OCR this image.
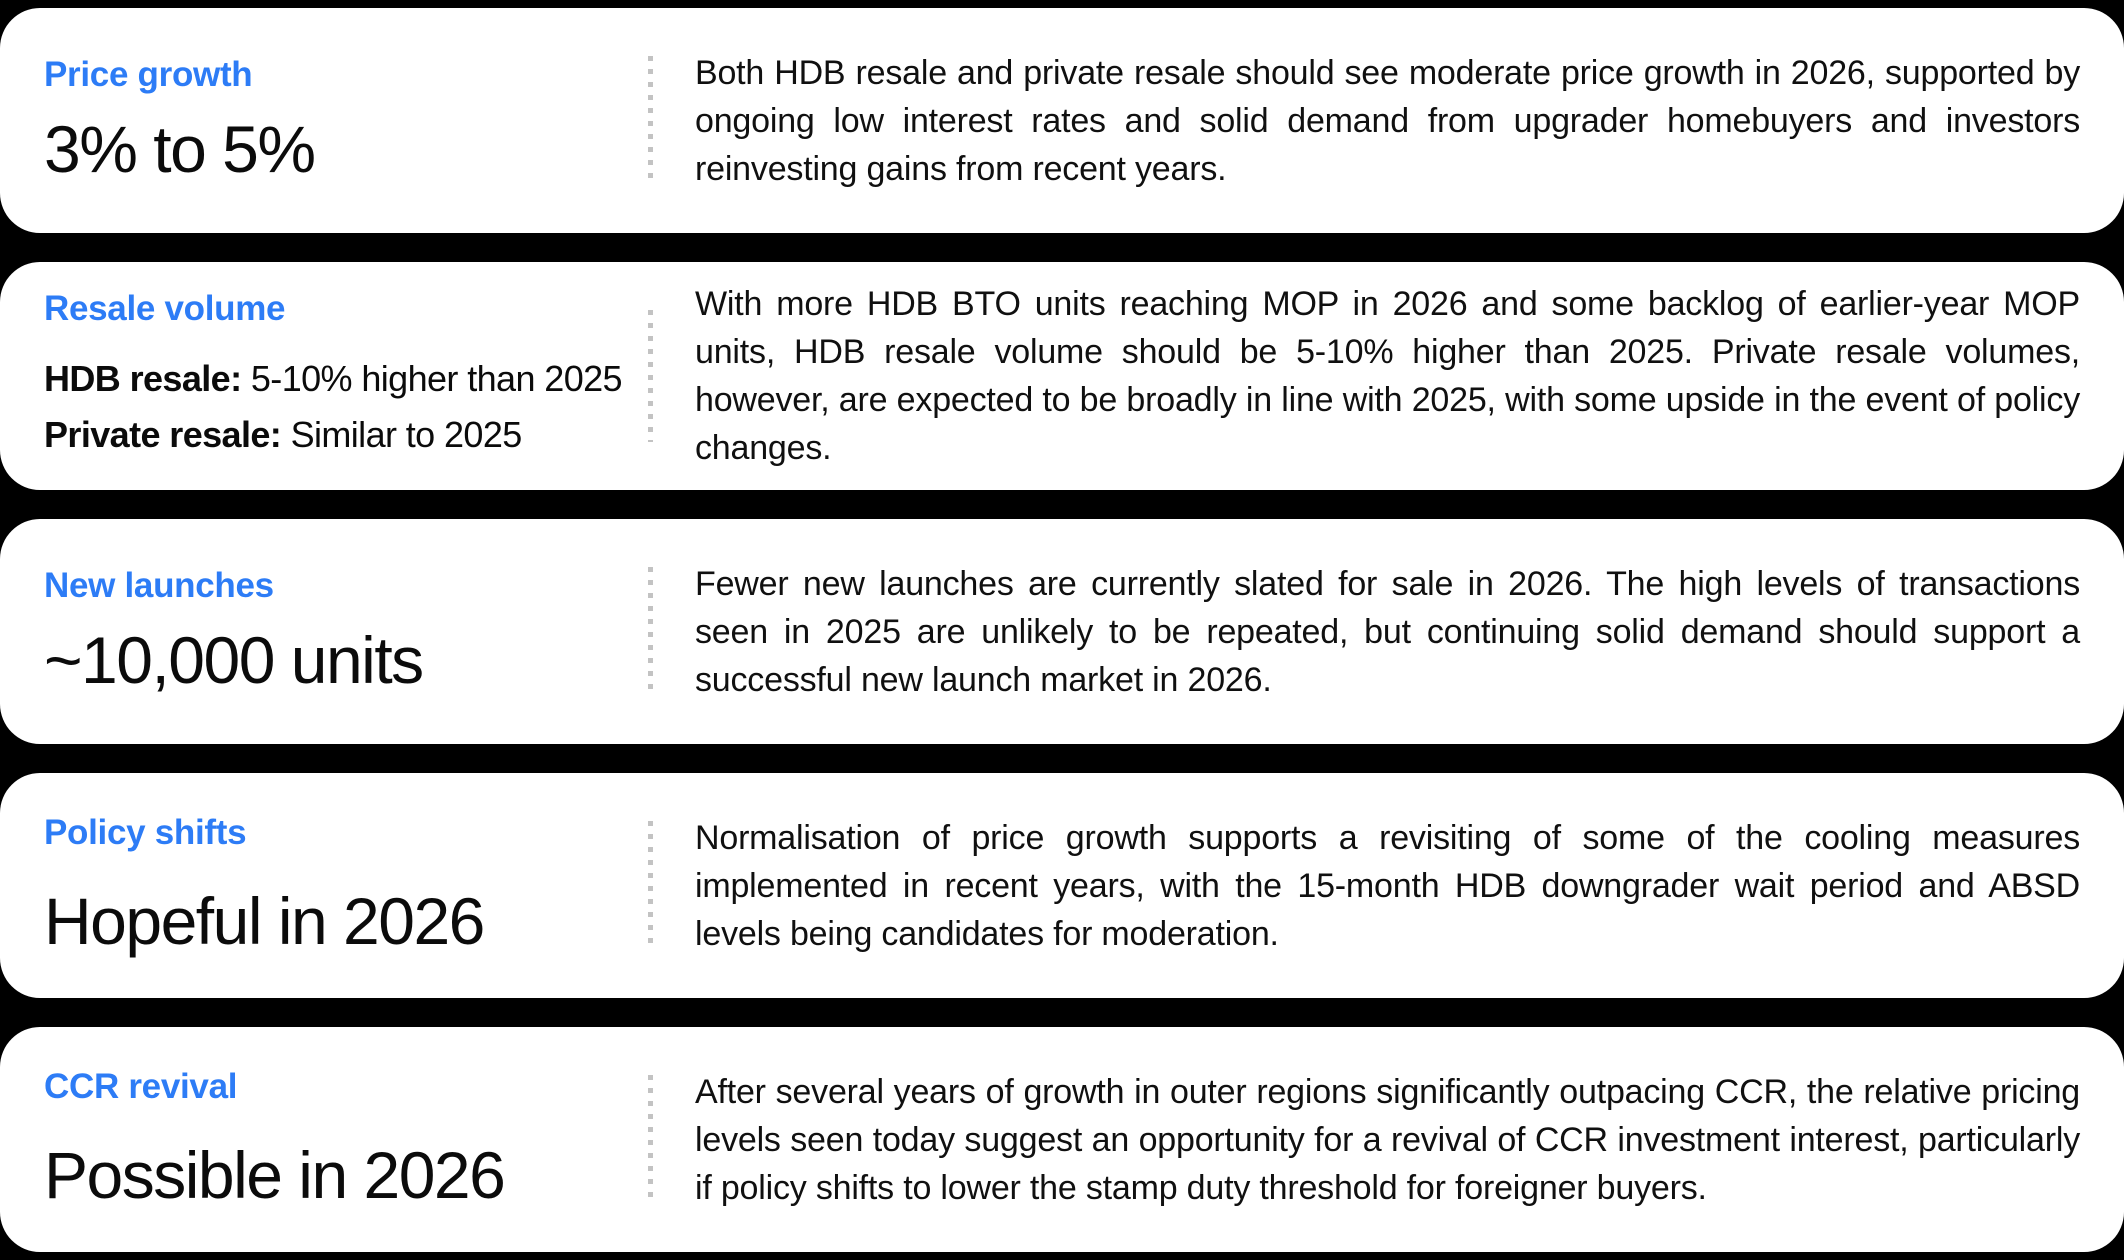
Price growth
3% to 5%

Both HDB resale and private resale should see moderate price growth in 2026, supported by ongoing low interest rates and solid demand from upgrader homebuyers and investors reinvesting gains from recent years.

Resale volume
HDB resale: 5-10% higher than 2025
Private resale: Similar to 2025

With more HDB BTO units reaching MOP in 2026 and some backlog of earlier-year MOP units, HDB resale volume should be 5-10% higher than 2025. Private resale volumes, however, are expected to be broadly in line with 2025, with some upside in the event of policy changes.

New launches
~10,000 units

Fewer new launches are currently slated for sale in 2026. The high levels of transactions seen in 2025 are unlikely to be repeated, but continuing solid demand should support a successful new launch market in 2026.

Policy shifts
Hopeful in 2026

Normalisation of price growth supports a revisiting of some of the cooling measures implemented in recent years, with the 15-month HDB downgrader wait period and ABSD levels being candidates for moderation.

CCR revival
Possible in 2026

After several years of growth in outer regions significantly outpacing CCR, the relative pricing levels seen today suggest an opportunity for a revival of CCR investment interest, particularly if policy shifts to lower the stamp duty threshold for foreigner buyers.
